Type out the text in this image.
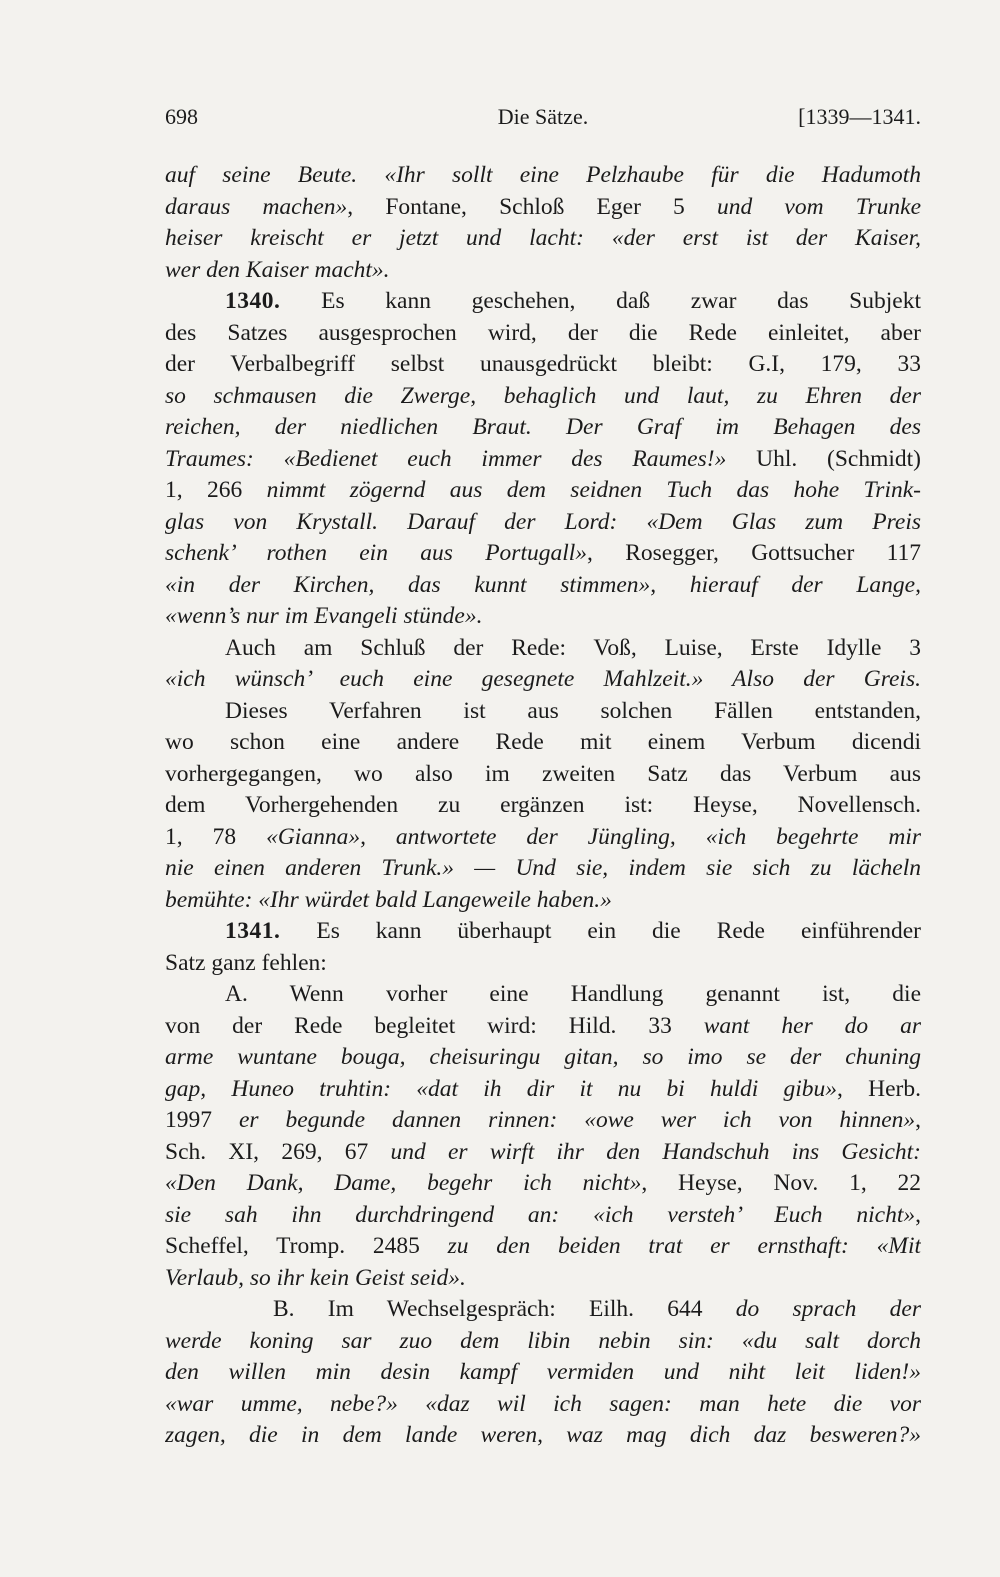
698	Die Sätze.	[1339—1341.
auf seine Beute. «Ihr sollt eine Pelzhaube für die Hadumoth
daraus machen», Fontane, Schloß Eger 5 und vom Trunke
heiser kreischt er jetzt und lacht: «der erst ist der Kaiser,
wer den Kaiser macht».
1340. Es kann geschehen, daß zwar das Subjekt
des Satzes ausgesprochen wird, der die Rede einleitet, aber
der Verbalbegriff selbst unausgedrückt bleibt: G.I, 179, 33
so schmausen die Zwerge, behaglich und laut, zu Ehren der
reichen, der niedlichen Braut. Der Graf im Behagen des
Traumes: «Bedienet euch immer des Raumes!» Uhl. (Schmidt)
1, 266 nimmt zögernd aus dem seidnen Tuch das hohe Trink-
glas von Krystall. Darauf der Lord: «Dem Glas zum Preis
schenk’ rothen ein aus Portugall», Rosegger, Gottsucher 117
«in der Kirchen, das kunnt stimmen», hierauf der Lange,
«wenn’s nur im Evangeli stünde».
Auch am Schluß der Rede: Voß, Luise, Erste Idylle 3
«ich wünsch’ euch eine gesegnete Mahlzeit.» Also der Greis.
Dieses Verfahren ist aus solchen Fällen entstanden,
wo schon eine andere Rede mit einem Verbum dicendi
vorhergegangen, wo also im zweiten Satz das Verbum aus
dem Vorhergehenden zu ergänzen ist: Heyse, Novellensch.
1, 78 «Gianna», antwortete der Jüngling, «ich begehrte mir
nie einen anderen Trunk.» — Und sie, indem sie sich zu lächeln
bemühte: «Ihr würdet bald Langeweile haben.»
1341. Es kann überhaupt ein die Rede einführender
Satz ganz fehlen:
A. Wenn vorher eine Handlung genannt ist, die
von der Rede begleitet wird: Hild. 33 want her do ar
arme wuntane bouga, cheisuringu gitan, so imo se der chuning
gap, Huneo truhtin: «dat ih dir it nu bi huldi gibu», Herb.
1997 er begunde dannen rinnen: «owe wer ich von hinnen»,
Sch. XI, 269, 67 und er wirft ihr den Handschuh ins Gesicht:
«Den Dank, Dame, begehr ich nicht», Heyse, Nov. 1, 22
sie sah ihn durchdringend an: «ich versteh’ Euch nicht»,
Scheffel, Tromp. 2485 zu den beiden trat er ernsthaft: «Mit
Verlaub, so ihr kein Geist seid».
B. Im Wechselgespräch: Eilh. 644 do sprach der
werde koning sar zuo dem libin nebin sin: «du salt dorch
den willen min desin kampf vermiden und niht leit liden!»
«war umme, nebe?» «daz wil ich sagen: man hete die vor
zagen, die in dem lande weren, waz mag dich daz besweren?»
